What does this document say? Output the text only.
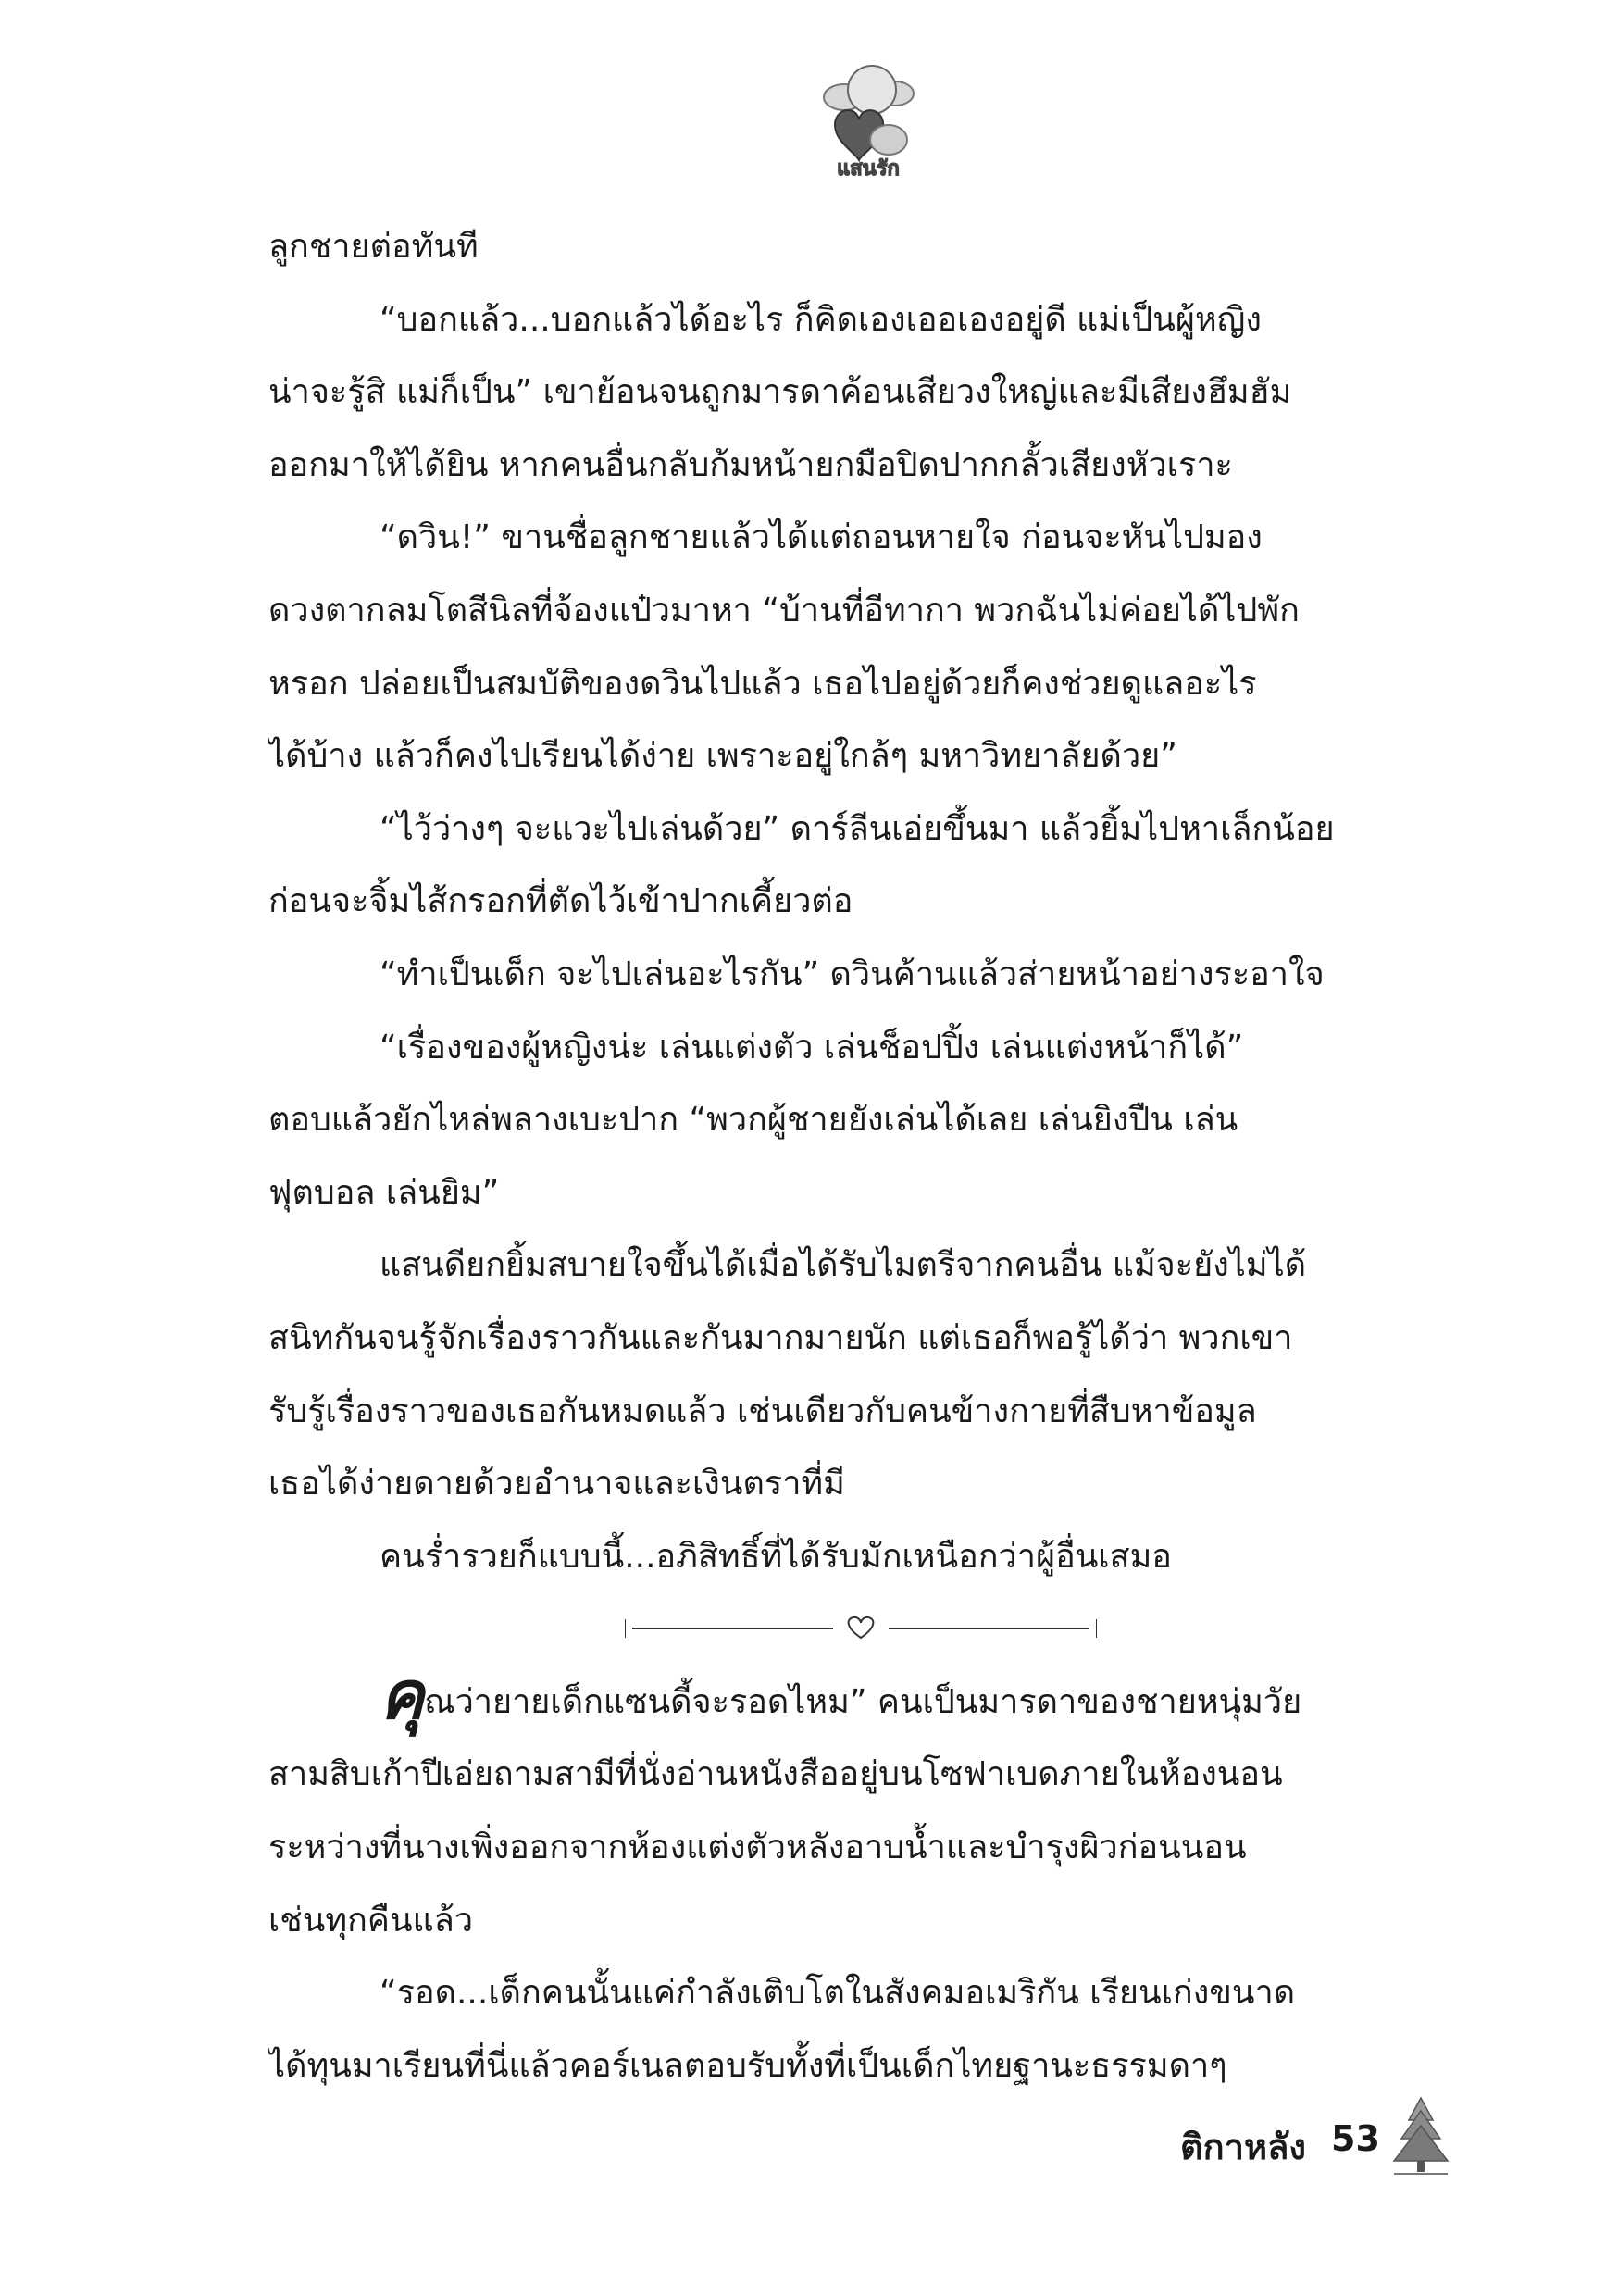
แสนรัก

ลูกชายต่อทันที

“บอกแล้ว...บอกแล้วได้อะไร ก็คิดเองเออเองอยู่ดี แม่เป็นผู้หญิง

น่าจะรู้สิ แม่ก็เป็น” เขาย้อนจนถูกมารดาค้อนเสียวงใหญ่และมีเสียงฮึมฮัม

ออกมาให้ได้ยิน หากคนอื่นกลับก้มหน้ายกมือปิดปากกลั้วเสียงหัวเราะ

“ดวิน!” ขานชื่อลูกชายแล้วได้แต่ถอนหายใจ ก่อนจะหันไปมอง

ดวงตากลมโตสีนิลที่จ้องแป๋วมาหา “บ้านที่อีทากา พวกฉันไม่ค่อยได้ไปพัก

หรอก ปล่อยเป็นสมบัติของดวินไปแล้ว เธอไปอยู่ด้วยก็คงช่วยดูแลอะไร

ได้บ้าง แล้วก็คงไปเรียนได้ง่าย เพราะอยู่ใกล้ๆ มหาวิทยาลัยด้วย”

“ไว้ว่างๆ จะแวะไปเล่นด้วย” ดาร์ลีนเอ่ยขึ้นมา แล้วยิ้มไปหาเล็กน้อย

ก่อนจะจิ้มไส้กรอกที่ตัดไว้เข้าปากเคี้ยวต่อ

“ทำเป็นเด็ก จะไปเล่นอะไรกัน” ดวินค้านแล้วส่ายหน้าอย่างระอาใจ

“เรื่องของผู้หญิงน่ะ เล่นแต่งตัว เล่นช็อปปิ้ง เล่นแต่งหน้าก็ได้”

ตอบแล้วยักไหล่พลางเบะปาก “พวกผู้ชายยังเล่นได้เลย เล่นยิงปืน เล่น

ฟุตบอล เล่นยิม”

แสนดียกยิ้มสบายใจขึ้นได้เมื่อได้รับไมตรีจากคนอื่น แม้จะยังไม่ได้

สนิทกันจนรู้จักเรื่องราวกันและกันมากมายนัก แต่เธอก็พอรู้ได้ว่า พวกเขา

รับรู้เรื่องราวของเธอกันหมดแล้ว เช่นเดียวกับคนข้างกายที่สืบหาข้อมูล

เธอได้ง่ายดายด้วยอำนาจและเงินตราที่มี

คนร่ำรวยก็แบบนี้...อภิสิทธิ์ที่ได้รับมักเหนือกว่าผู้อื่นเสมอ

คุณว่ายายเด็กแซนดี้จะรอดไหม” คนเป็นมารดาของชายหนุ่มวัย

สามสิบเก้าปีเอ่ยถามสามีที่นั่งอ่านหนังสืออยู่บนโซฟาเบดภายในห้องนอน

ระหว่างที่นางเพิ่งออกจากห้องแต่งตัวหลังอาบน้ำและบำรุงผิวก่อนนอน

เช่นทุกคืนแล้ว

“รอด...เด็กคนนั้นแค่กำลังเติบโตในสังคมอเมริกัน เรียนเก่งขนาด

ได้ทุนมาเรียนที่นี่แล้วคอร์เนลตอบรับทั้งที่เป็นเด็กไทยฐานะธรรมดาๆ

ติกาหลัง 53
